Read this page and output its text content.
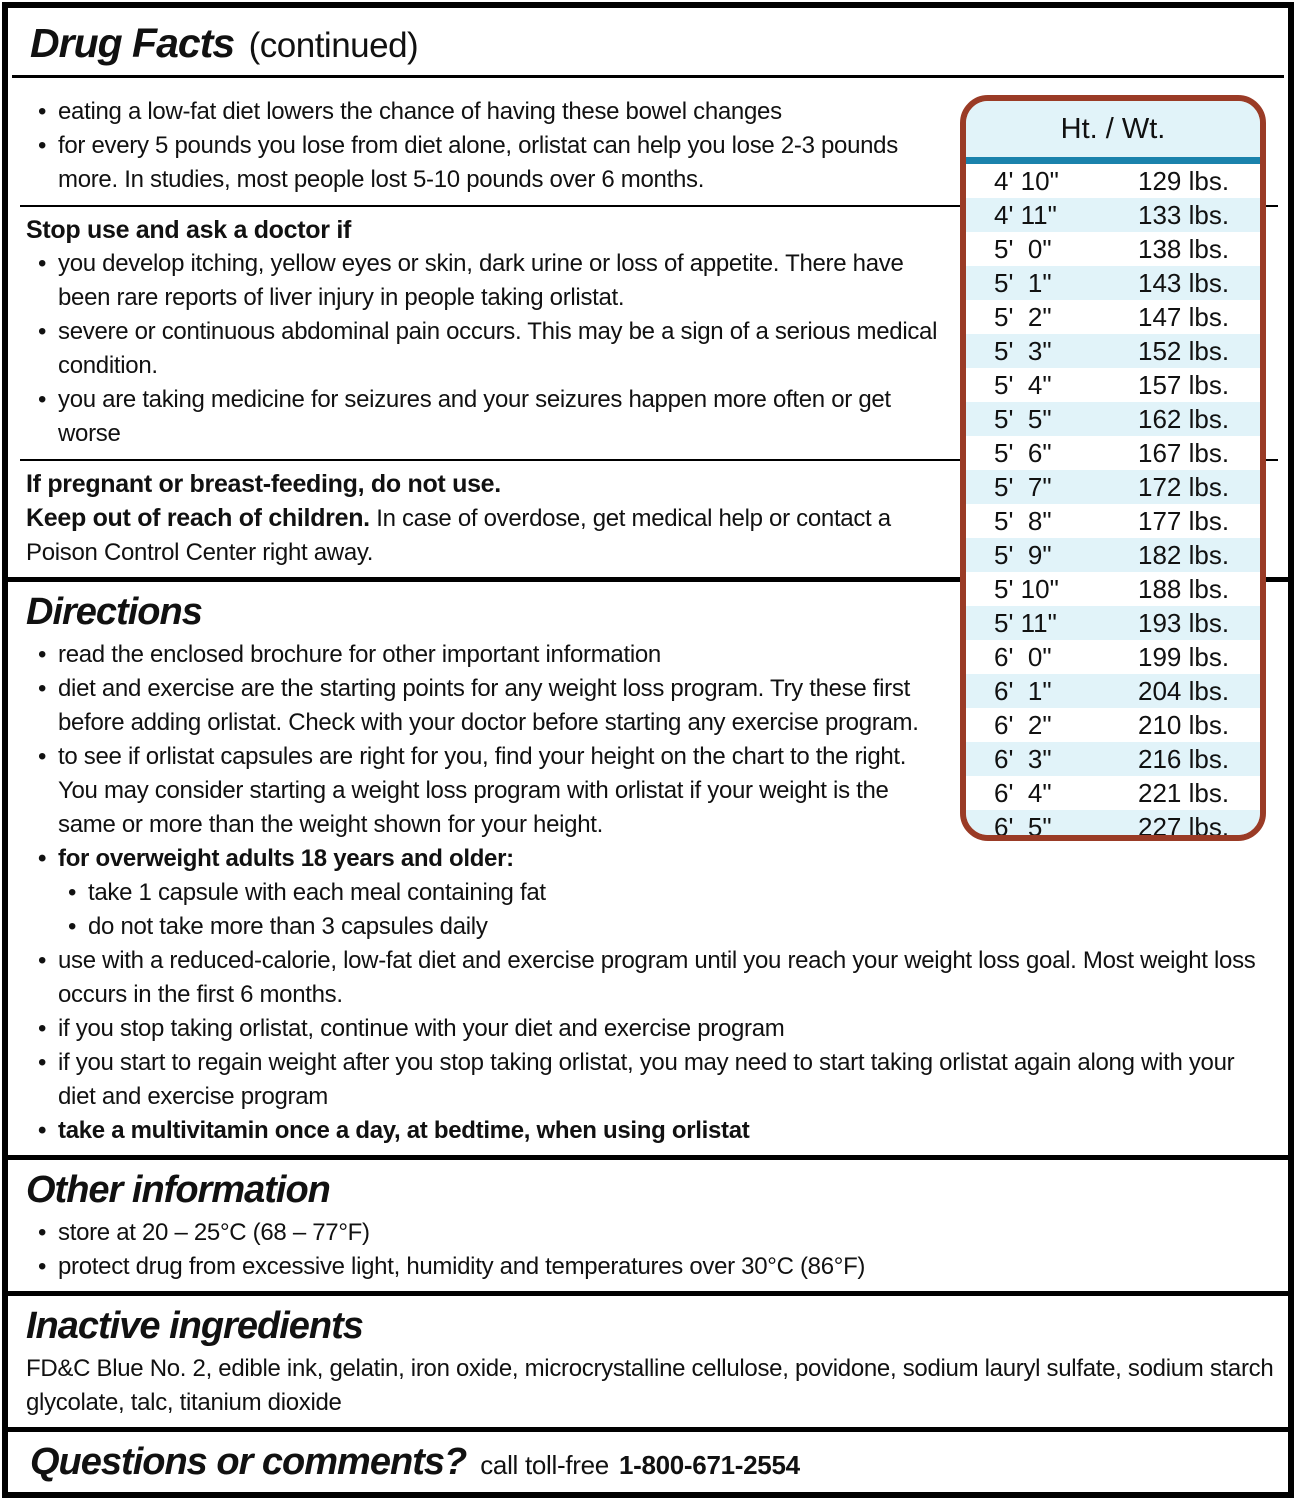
Drug Facts (continued)
Ht. / Wt.
4' 10"	129 lbs.
4' 11"	133 lbs.
5'  0"	138 lbs.
5'  1"	143 lbs.
5'  2"	147 lbs.
5'  3"	152 lbs.
5'  4"	157 lbs.
5'  5"	162 lbs.
5'  6"	167 lbs.
5'  7"	172 lbs.
5'  8"	177 lbs.
5'  9"	182 lbs.
5' 10"	188 lbs.
5' 11"	193 lbs.
6'  0"	199 lbs.
6'  1"	204 lbs.
6'  2"	210 lbs.
6'  3"	216 lbs.
6'  4"	221 lbs.
6'  5"	227 lbs.
• eating a low-fat diet lowers the chance of having these bowel changes
• for every 5 pounds you lose from diet alone, orlistat can help you lose 2-3 pounds more. In studies, most people lost 5-10 pounds over 6 months.
Stop use and ask a doctor if
• you develop itching, yellow eyes or skin, dark urine or loss of appetite. There have been rare reports of liver injury in people taking orlistat.
• severe or continuous abdominal pain occurs. This may be a sign of a serious medical condition.
• you are taking medicine for seizures and your seizures happen more often or get worse
If pregnant or breast-feeding, do not use.
Keep out of reach of children. In case of overdose, get medical help or contact a Poison Control Center right away.
Directions
• read the enclosed brochure for other important information
• diet and exercise are the starting points for any weight loss program. Try these first before adding orlistat. Check with your doctor before starting any exercise program.
• to see if orlistat capsules are right for you, find your height on the chart to the right. You may consider starting a weight loss program with orlistat if your weight is the same or more than the weight shown for your height.
• for overweight adults 18 years and older:
• take 1 capsule with each meal containing fat
• do not take more than 3 capsules daily
• use with a reduced-calorie, low-fat diet and exercise program until you reach your weight loss goal. Most weight loss occurs in the first 6 months.
• if you stop taking orlistat, continue with your diet and exercise program
• if you start to regain weight after you stop taking orlistat, you may need to start taking orlistat again along with your diet and exercise program
• take a multivitamin once a day, at bedtime, when using orlistat
Other information
• store at 20 – 25°C (68 – 77°F)
• protect drug from excessive light, humidity and temperatures over 30°C (86°F)
Inactive ingredients
FD&C Blue No. 2, edible ink, gelatin, iron oxide, microcrystalline cellulose, povidone, sodium lauryl sulfate, sodium starch glycolate, talc, titanium dioxide
Questions or comments? call toll-free 1-800-671-2554
